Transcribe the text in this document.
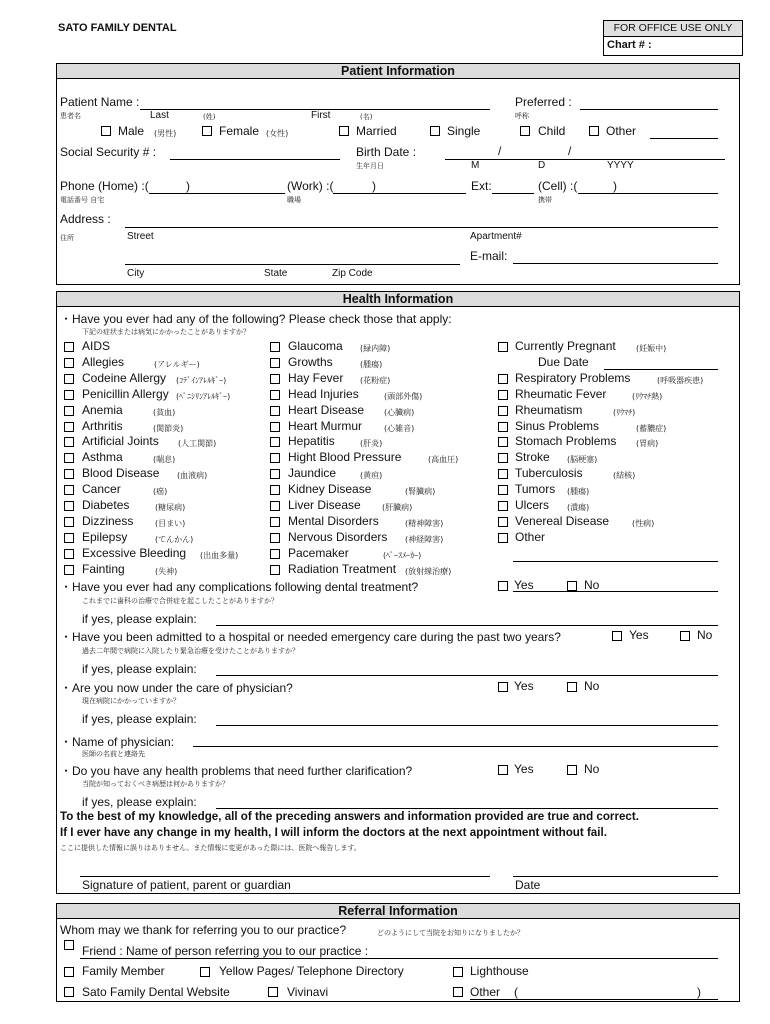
SATO FAMILY DENTAL	FOR OFFICE USE ONLY
Chart # :
Patient Information
Patient Name :
患者名	Last	(姓)	First	(名)
Preferred :
呼称
Male (男性)	Female (女性)	Married	Single	Child	Other
Social Security # :	Birth Date :
生年月日
/	/
M	D	YYYY
Phone (Home) :(	)
電話番号 自宅
(Work) :(	)
職場
Ext:	(Cell) :(	)
携帯
Address :
住所	Street	Apartment#
E-mail:
City	State	Zip Code
Health Information
・Have you ever had any of the following? Please check those that apply:
下記の症状または病気にかかったことがありますか？
AIDS
Allegies	(アレルギー)
Codeine Allergy (ｺﾃﾞｲﾝｱﾚﾙｷﾞｰ)
Penicillin Allergy (ﾍﾟﾆｼﾘﾝｱﾚﾙｷﾞｰ)
Anemia	(貧血)
Arthritis	(関節炎)
Artificial Joints (人工関節)
Asthma	(喘息)
Blood Disease (血液病)
Cancer	(癌)
Diabetes	(糖尿病)
Dizziness	(目まい)
Epilepsy	(てんかん)
Excessive Bleeding (出血多量)
Fainting	(失神)
Glaucoma (緑内障)
Growths	(腫瘍)
Hay Fever (花粉症)
Head Injuries	(頭部外傷)
Heart Disease (心臓病)
Heart Murmur	(心雑音)
Hepatitis	(肝炎)
Hight Blood Pressure	(高血圧)
Jaundice	(黄疸)
Kidney Disease	(腎臓病)
Liver Disease	(肝臓病)
Mental Disorders	(精神障害)
Nervous Disorders (神経障害)
Pacemaker	(ﾍﾟｰｽﾒｰｶｰ)
Radiation Treatment (放射線治療)
Currently Pregnant	(妊娠中)
Respiratory Problems	(呼吸器疾患)
Rheumatic Fever	(ﾘｳﾏﾁ熱)
Rheumatism	(ﾘｳﾏﾁ)
Sinus Problems	(蓄膿症)
Stomach Problems (胃病)
Stroke (脳梗塞)
Tuberculosis	(結核)
Tumors (腫瘍)
Ulcers (潰瘍)
Venereal Disease	(性病)
Other
Due Date
・Have you ever had any complications following dental treatment?
これまでに歯科の治療で合併症を起こしたことがありますか？
Yes	No
if yes, please explain:
・Have you been admitted to a hospital or needed emergency care during the past two years?
過去二年間で病院に入院したり緊急治療を受けたことがありますか？
Yes	No
if yes, please explain:
・Are you now under the care of physician?
現在病院にかかっていますか？
Yes	No
if yes, please explain:
・Name of physician:
医師の名前と連絡先
・Do you have any health problems that need further clarification?
当院が知っておくべき病歴は何かありますか？
Yes	No
if yes, please explain:
To the best of my knowledge, all of the preceding answers and information provided are true and correct.
If I ever have any change in my health, I will inform the doctors at the next appointment without fail.
ここに提供した情報に誤りはありません。また情報に変更があった際には、医院へ報告します。
Signature of patient, parent or guardian	Date
Referral Information
Whom may we thank for referring you to our practice?	どのようにして当院をお知りになりましたか？
Friend : Name of person referring you to our practice :
Family Member	Yellow Pages/ Telephone Directory	Lighthouse
Sato Family Dental Website	Vivinavi	Other (	)
